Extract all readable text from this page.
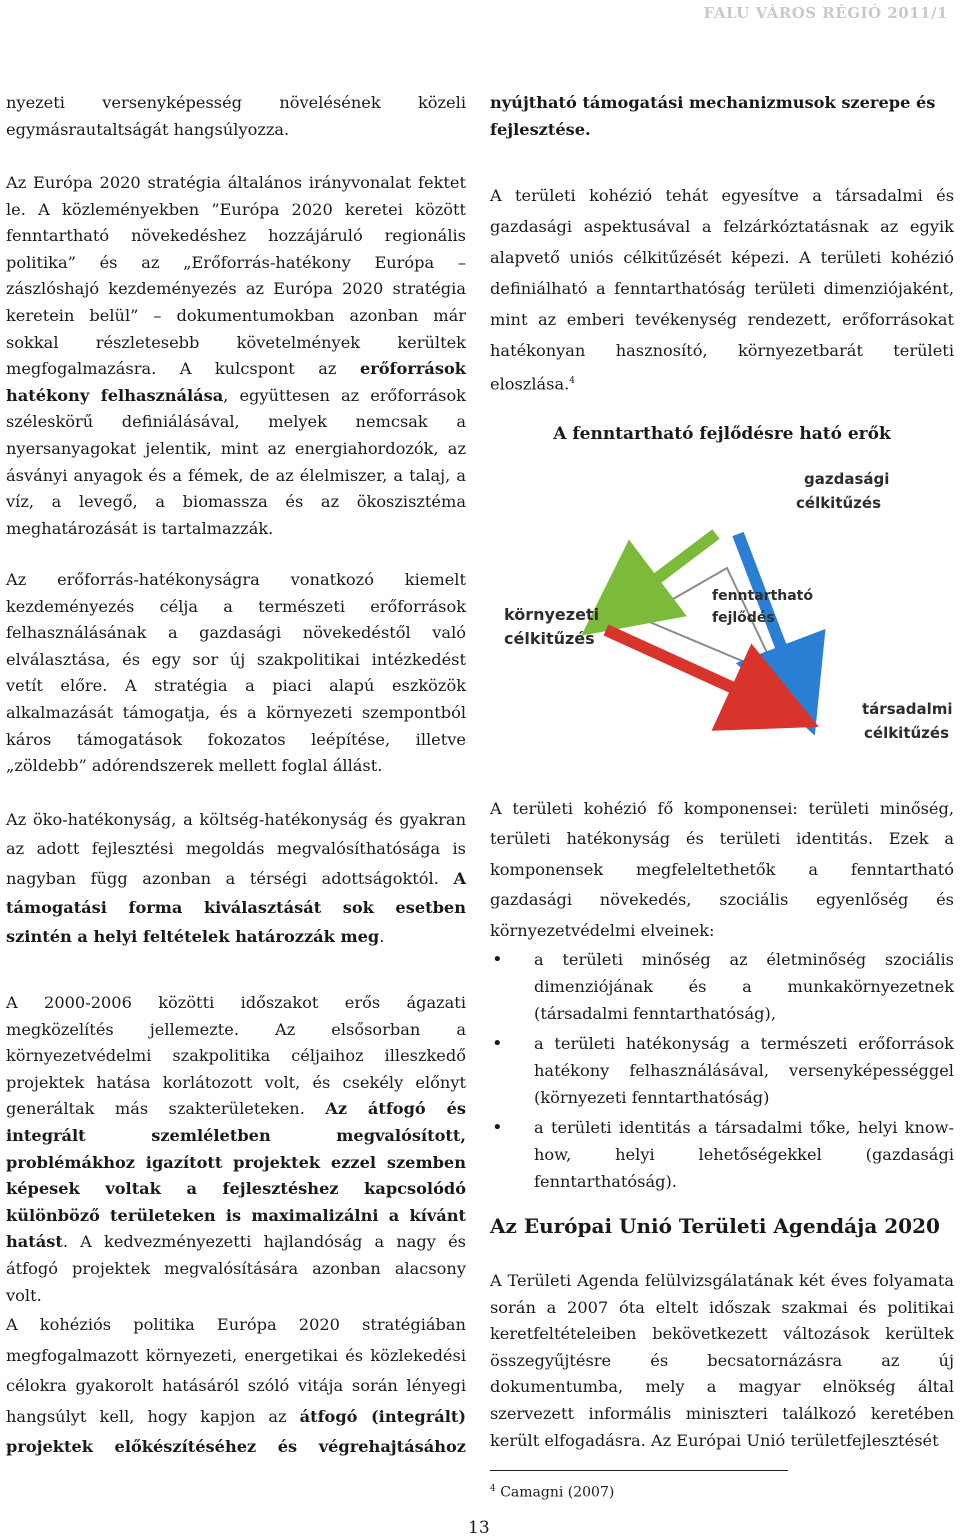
FALU VÁROS RÉGIÓ 2011/1

nyezeti versenyképesség növelésének közeli egymásrautaltságát hangsúlyozza.

Az Európa 2020 stratégia általános irányvonalat fektet le. A közleményekben ”Európa 2020 keretei között fenntartható növekedéshez hozzájáruló regionális politika” és az „Erőforrás-hatékony Európa – zászlóshajó kezdeményezés az Európa 2020 stratégia keretein belül” – dokumentumokban azonban már sokkal részletesebb követelmények kerültek megfogalmazásra. A kulcspont az erőforrások hatékony felhasználása, együttesen az erőforrások széleskörű definiálásával, melyek nemcsak a nyersanyagokat jelentik, mint az energiahordozók, az ásványi anyagok és a fémek, de az élelmiszer, a talaj, a víz, a levegő, a biomassza és az ökoszisztéma meghatározását is tartalmazzák.

Az erőforrás-hatékonyságra vonatkozó kiemelt kezdeményezés célja a természeti erőforrások felhasználásának a gazdasági növekedéstől való elválasztása, és egy sor új szakpolitikai intézkedést vetít előre. A stratégia a piaci alapú eszközök alkalmazását támogatja, és a környezeti szempontból káros támogatások fokozatos leépítése, illetve „zöldebb” adórendszerek mellett foglal állást.

Az öko-hatékonyság, a költség-hatékonyság és gyakran az adott fejlesztési megoldás megvalósíthatósága is nagyban függ azonban a térségi adottságoktól. A támogatási forma kiválasztását sok esetben szintén a helyi feltételek határozzák meg.

A 2000-2006 közötti időszakot erős ágazati megközelítés jellemezte. Az elsősorban a környezetvédelmi szakpolitika céljaihoz illeszkedő projektek hatása korlátozott volt, és csekély előnyt generáltak más szakterületeken. Az átfogó és integrált szemléletben megvalósított, problémákhoz igazított projektek ezzel szemben képesek voltak a fejlesztéshez kapcsolódó különböző területeken is maximalizálni a kívánt hatást. A kedvezményezetti hajlandóság a nagy és átfogó projektek megvalósítására azonban alacsony volt.

A kohéziós politika Európa 2020 stratégiában megfogalmazott környezeti, energetikai és közlekedési célokra gyakorolt hatásáról szóló vitája során lényegi hangsúlyt kell, hogy kapjon az átfogó (integrált) projektek előkészítéséhez és végrehajtásához

nyújtható támogatási mechanizmusok szerepe és fejlesztése.

A területi kohézió tehát egyesítve a társadalmi és gazdasági aspektusával a felzárkóztatásnak az egyik alapvető uniós célkitűzését képezi. A területi kohézió definiálható a fenntarthatóság területi dimenziójaként, mint az emberi tevékenység rendezett, erőforrásokat hatékonyan hasznosító, környezetbarát területi eloszlása.$^4$

A fenntartható fejlődésre ható erők
gazdasági
célkitűzés
fenntartható
fejlődés
környezeti
célkitűzés
társadalmi
célkitűzés

A területi kohézió fő komponensei: területi minőség, területi hatékonyság és területi identitás. Ezek a komponensek megfeleltethetők a fenntartható gazdasági növekedés, szociális egyenlőség és környezetvédelmi elveinek:

• a területi minőség az életminőség szociális dimenziójának és a munkakörnyezetnek (társadalmi fenntarthatóság),
• a területi hatékonyság a természeti erőforrások hatékony felhasználásával, versenyképességgel (környezeti fenntarthatóság)
• a területi identitás a társadalmi tőke, helyi know-how, helyi lehetőségekkel (gazdasági fenntarthatóság).
Az Európai Unió Területi Agendája 2020

A Területi Agenda felülvizsgálatának két éves folyamata során a 2007 óta eltelt időszak szakmai és politikai keretfeltételeiben bekövetkezett változások kerültek összegyűjtésre és becsatornázásra az új dokumentumba, mely a magyar elnökség által szervezett informális miniszteri találkozó keretében került elfogadásra. Az Európai Unió területfejlesztését

$^4$ Camagni (2007)
13
